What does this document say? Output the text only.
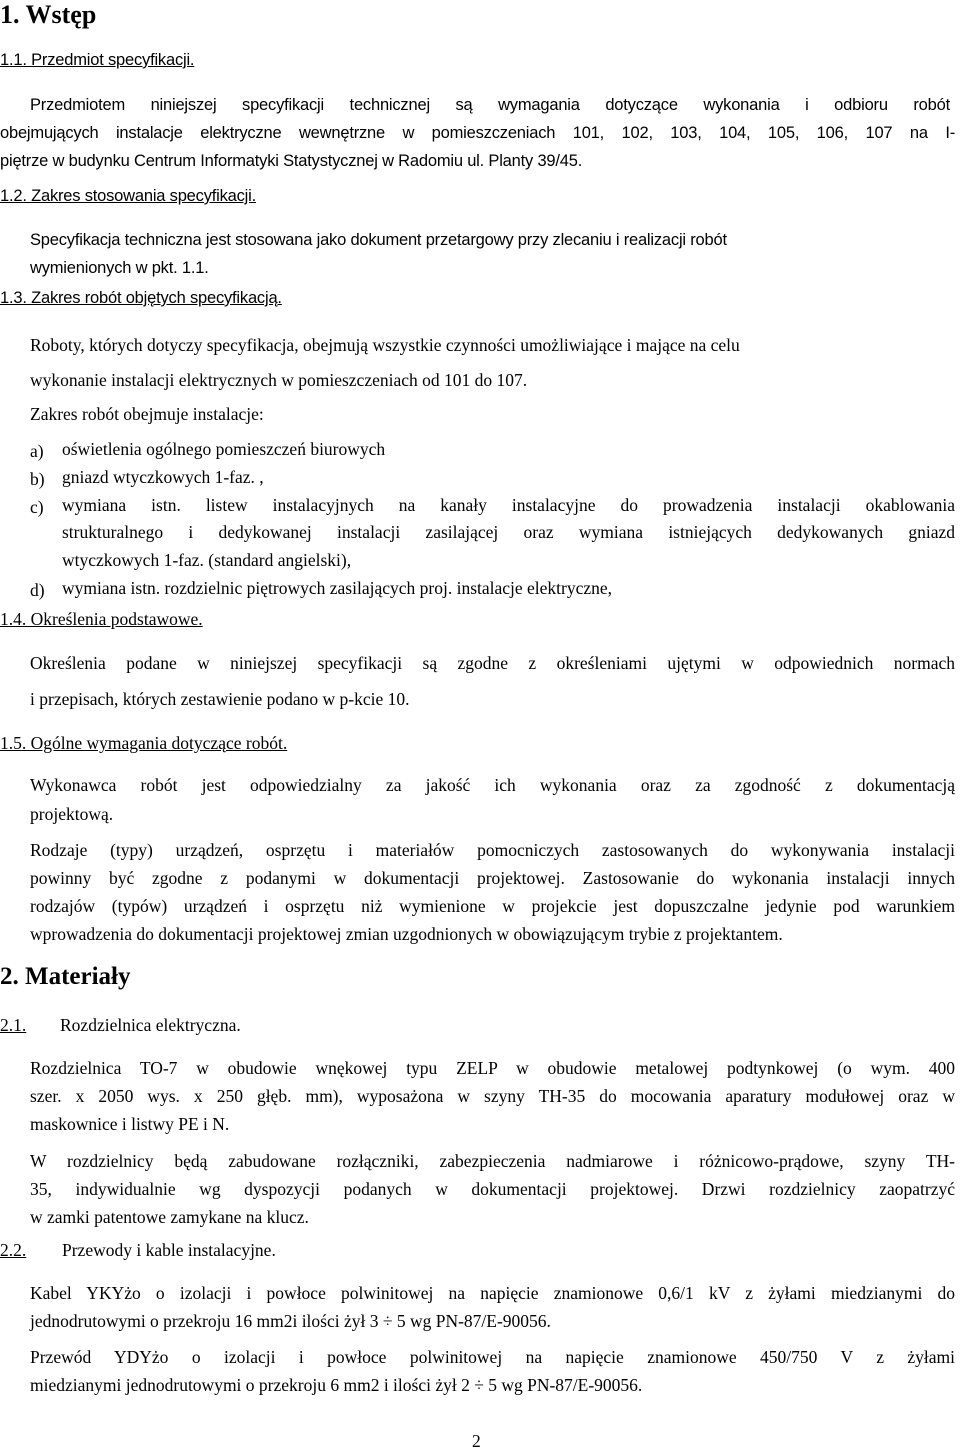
1. Wstęp
1.1. Przedmiot specyfikacji.
Przedmiotem niniejszej specyfikacji technicznej są wymagania dotyczące wykonania i odbioru robót
obejmujących instalacje elektryczne wewnętrzne w pomieszczeniach 101, 102, 103, 104, 105, 106, 107 na I-
piętrze w budynku Centrum Informatyki Statystycznej w Radomiu ul. Planty 39/45.
1.2. Zakres stosowania specyfikacji.
Specyfikacja techniczna jest stosowana jako dokument przetargowy przy zlecaniu i realizacji robót
wymienionych w pkt. 1.1.
1.3. Zakres robót objętych specyfikacją.
Roboty, których dotyczy specyfikacja, obejmują wszystkie czynności umożliwiające i mające na celu
wykonanie instalacji elektrycznych w pomieszczeniach od 101 do 107.
Zakres robót obejmuje instalacje:
a) oświetlenia ogólnego pomieszczeń biurowych
b) gniazd wtyczkowych 1-faz. ,
c) wymiana istn. listew instalacyjnych na kanały instalacyjne do prowadzenia instalacji okablowania
strukturalnego i dedykowanej instalacji zasilającej oraz wymiana istniejących dedykowanych gniazd
wtyczkowych 1-faz. (standard angielski),
d) wymiana istn. rozdzielnic piętrowych zasilających proj. instalacje elektryczne,
1.4. Określenia podstawowe.
Określenia podane w niniejszej specyfikacji są zgodne z określeniami ujętymi w odpowiednich normach
i przepisach, których zestawienie podano w p-kcie 10.
1.5. Ogólne wymagania dotyczące robót.
Wykonawca robót jest odpowiedzialny za jakość ich wykonania oraz za zgodność z dokumentacją
projektową.
Rodzaje (typy) urządzeń, osprzętu i materiałów pomocniczych zastosowanych do wykonywania instalacji
powinny być zgodne z podanymi w dokumentacji projektowej. Zastosowanie do wykonania instalacji innych
rodzajów (typów) urządzeń i osprzętu niż wymienione w projekcie jest dopuszczalne jedynie pod warunkiem
wprowadzenia do dokumentacji projektowej zmian uzgodnionych w obowiązującym trybie z projektantem.
2. Materiały
2.1. Rozdzielnica elektryczna.
Rozdzielnica TO-7 w obudowie wnękowej typu ZELP w obudowie metalowej podtynkowej (o wym. 400
szer. x 2050 wys. x 250 głęb. mm), wyposażona w szyny TH-35 do mocowania aparatury modułowej oraz w
maskownice i listwy PE i N.
W rozdzielnicy będą zabudowane rozłączniki, zabezpieczenia nadmiarowe i różnicowo-prądowe, szyny TH-
35, indywidualnie wg dyspozycji podanych w dokumentacji projektowej. Drzwi rozdzielnicy zaopatrzyć
w zamki patentowe zamykane na klucz.
2.2. Przewody i kable instalacyjne.
Kabel YKYżo o izolacji i powłoce polwinitowej na napięcie znamionowe 0,6/1 kV z żyłami miedzianymi do
jednodrutowymi o przekroju 16 mm2i ilości żył 3 ÷ 5 wg PN-87/E-90056.
Przewód YDYżo o izolacji i powłoce polwinitowej na napięcie znamionowe 450/750 V z żyłami
miedzianymi jednodrutowymi o przekroju 6 mm2 i ilości żył 2 ÷ 5 wg PN-87/E-90056.
2
